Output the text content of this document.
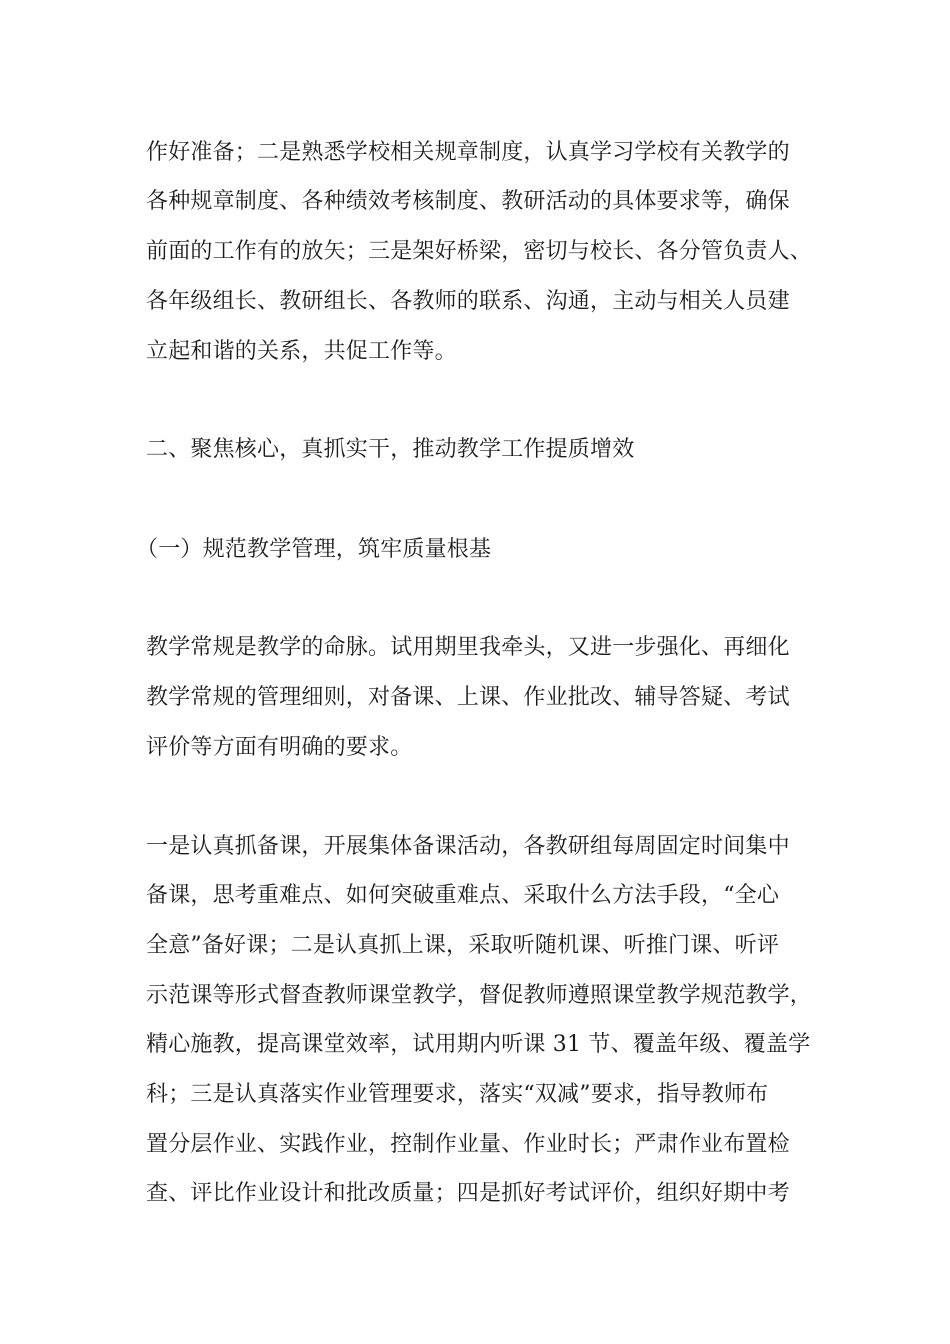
作好准备；二是熟悉学校相关规章制度，认真学习学校有关教学的
各种规章制度、各种绩效考核制度、教研活动的具体要求等，确保
前面的工作有的放矢；三是架好桥梁，密切与校长、各分管负责人、
各年级组长、教研组长、各教师的联系、沟通，主动与相关人员建
立起和谐的关系，共促工作等。
二、聚焦核心，真抓实干，推动教学工作提质增效
（一）规范教学管理，筑牢质量根基
教学常规是教学的命脉。试用期里我牵头，又进一步强化、再细化
教学常规的管理细则，对备课、上课、作业批改、辅导答疑、考试
评价等方面有明确的要求。
一是认真抓备课，开展集体备课活动，各教研组每周固定时间集中
备课，思考重难点、如何突破重难点、采取什么方法手段，“全心
全意”备好课；二是认真抓上课，采取听随机课、听推门课、听评
示范课等形式督查教师课堂教学，督促教师遵照课堂教学规范教学，
精心施教，提高课堂效率，试用期内听课 31 节、覆盖年级、覆盖学
科；三是认真落实作业管理要求，落实“双减”要求，指导教师布
置分层作业、实践作业，控制作业量、作业时长；严肃作业布置检
查、评比作业设计和批改质量；四是抓好考试评价，组织好期中考
